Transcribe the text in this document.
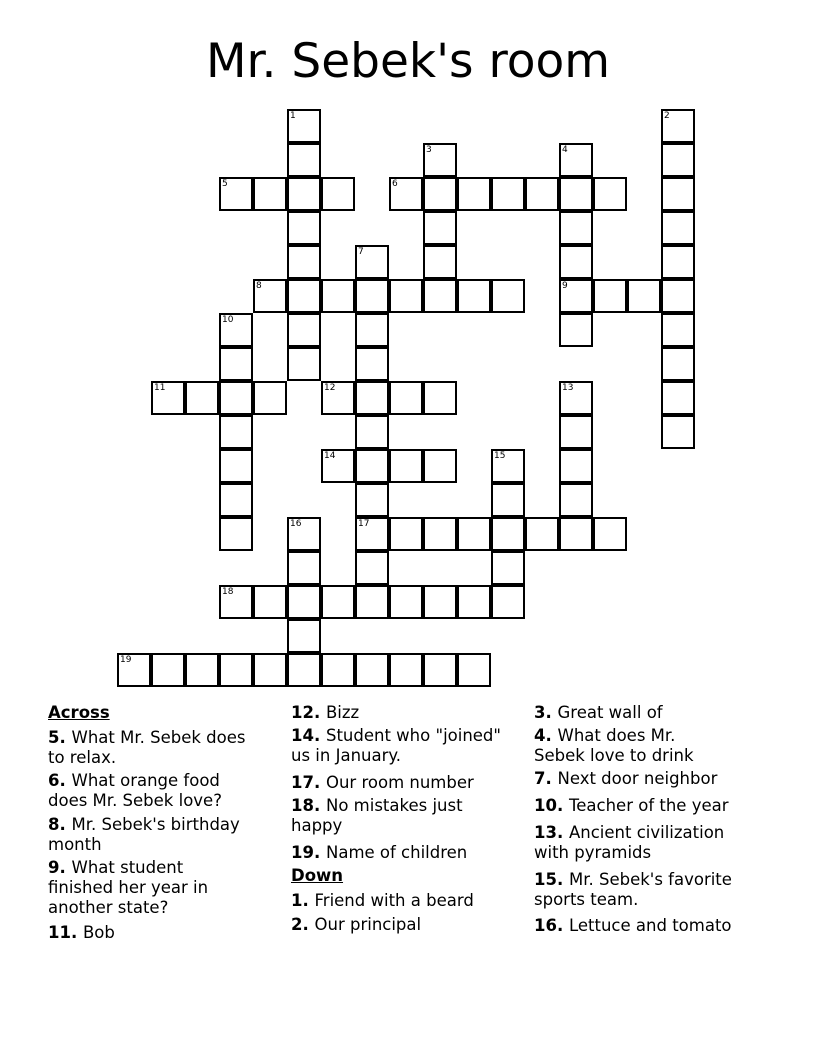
Mr. Sebek's room
1	2
3	4
9
5	6
7
17
8
10
11	12	13
14	15
16
18
19
Across
5. What Mr. Sebek does to relax.
6. What orange food does Mr. Sebek love?
8. Mr. Sebek's birthday month
9. What student finished her year in another state?
11. Bob
12. Bizz
14. Student who "joined" us in January.
17. Our room number
18. No mistakes just happy
19. Name of children
Down
1. Friend with a beard
2. Our principal
3. Great wall of
4. What does Mr. Sebek love to drink
7. Next door neighbor
10. Teacher of the year
13. Ancient civilization with pyramids
15. Mr. Sebek's favorite sports team.
16. Lettuce and tomato
